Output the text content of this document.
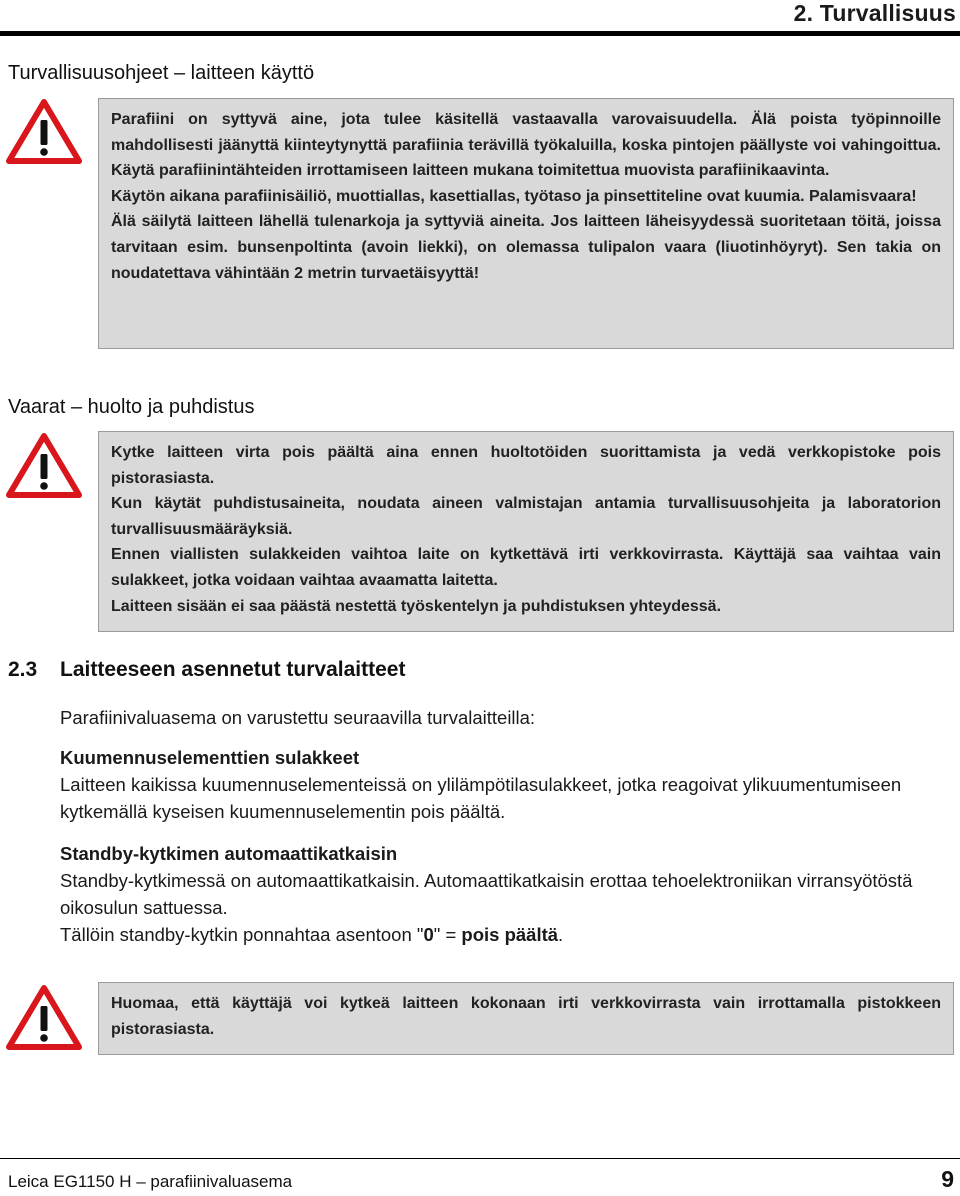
2. Turvallisuus
Turvallisuusohjeet – laitteen käyttö

Parafiini on syttyvä aine, jota tulee käsitellä vastaavalla varovaisuudella. Älä poista työpinnoille mahdollisesti jäänyttä kiinteytynyttä parafiinia terävillä työkaluilla, koska pintojen päällyste voi vahingoittua. Käytä parafiinintähteiden irrottamiseen laitteen mukana toimitettua muovista parafiinikaavinta.

Käytön aikana parafiinisäiliö, muottiallas, kasettiallas, työtaso ja pinsettiteline ovat kuumia. Palamisvaara!

Älä säilytä laitteen lähellä tulenarkoja ja syttyviä aineita. Jos laitteen läheisyydessä suoritetaan töitä, joissa tarvitaan esim. bunsenpoltinta (avoin liekki), on olemassa tulipalon vaara (liuotinhöyryt). Sen takia on noudatettava vähintään 2 metrin turvaetäisyyttä!

Vaarat – huolto ja puhdistus

Kytke laitteen virta pois päältä aina ennen huoltotöiden suorittamista ja vedä verkkopistoke pois pistorasiasta.

Kun käytät puhdistusaineita, noudata aineen valmistajan antamia turvallisuusohjeita ja laboratorion turvallisuusmääräyksiä.

Ennen viallisten sulakkeiden vaihtoa laite on kytkettävä irti verkkovirrasta. Käyttäjä saa vaihtaa vain sulakkeet, jotka voidaan vaihtaa avaamatta laitetta.

Laitteen sisään ei saa päästä nestettä työskentelyn ja puhdistuksen yhteydessä.

2.3 Laitteeseen asennetut turvalaitteet

Parafiinivaluasema on varustettu seuraavilla turvalaitteilla:

Kuumennuselementtien sulakkeet

Laitteen kaikissa kuumennuselementeissä on ylilämpötilasulakkeet, jotka reagoivat ylikuumentumiseen kytkemällä kyseisen kuumennuselementin pois päältä.

Standby-kytkimen automaattikatkaisin

Standby-kytkimessä on automaattikatkaisin. Automaattikatkaisin erottaa tehoelektroniikan virransyötöstä oikosulun sattuessa.

Tällöin standby-kytkin ponnahtaa asentoon "0" = pois päältä.

Huomaa, että käyttäjä voi kytkeä laitteen kokonaan irti verkkovirrasta vain irrottamalla pistokkeen pistorasiasta.

Leica EG1150 H – parafiinivaluasema	9
